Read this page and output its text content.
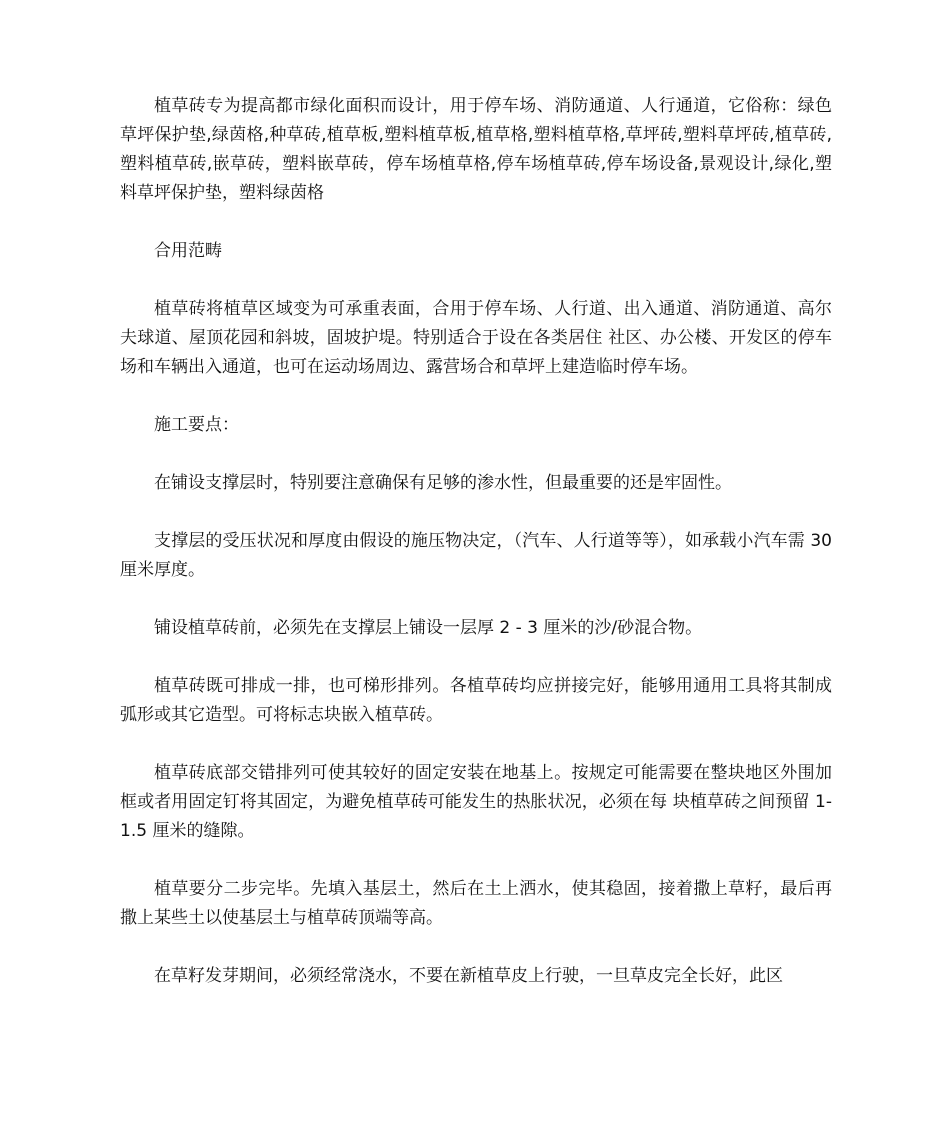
植草砖专为提高都市绿化面积而设计，用于停车场、消防通道、人行通道，它俗称：绿色草坪保护垫,绿茵格,种草砖,植草板,塑料植草板,植草格,塑料植草格,草坪砖,塑料草坪砖,植草砖,塑料植草砖,嵌草砖，塑料嵌草砖，停车场植草格,停车场植草砖,停车场设备,景观设计,绿化,塑料草坪保护垫，塑料绿茵格

合用范畴

植草砖将植草区域变为可承重表面，合用于停车场、人行道、出入通道、消防通道、高尔夫球道、屋顶花园和斜坡，固坡护堤。特别适合于设在各类居住 社区、办公楼、开发区的停车场和车辆出入通道，也可在运动场周边、露营场合和草坪上建造临时停车场。

施工要点：

在铺设支撑层时，特别要注意确保有足够的渗水性，但最重要的还是牢固性。

支撑层的受压状况和厚度由假设的施压物决定，（汽车、人行道等等），如承载小汽车需 30 厘米厚度。

铺设植草砖前，必须先在支撑层上铺设一层厚 2 - 3 厘米的沙/砂混合物。

植草砖既可排成一排，也可梯形排列。各植草砖均应拼接完好，能够用通用工具将其制成弧形或其它造型。可将标志块嵌入植草砖。

植草砖底部交错排列可使其较好的固定安装在地基上。按规定可能需要在整块地区外围加框或者用固定钉将其固定，为避免植草砖可能发生的热胀状况，必须在每 块植草砖之间预留 1-1.5 厘米的缝隙。

植草要分二步完毕。先填入基层土，然后在土上洒水，使其稳固，接着撒上草籽，最后再撒上某些土以使基层土与植草砖顶端等高。

在草籽发芽期间，必须经常浇水，不要在新植草皮上行驶，一旦草皮完全长好，此区
